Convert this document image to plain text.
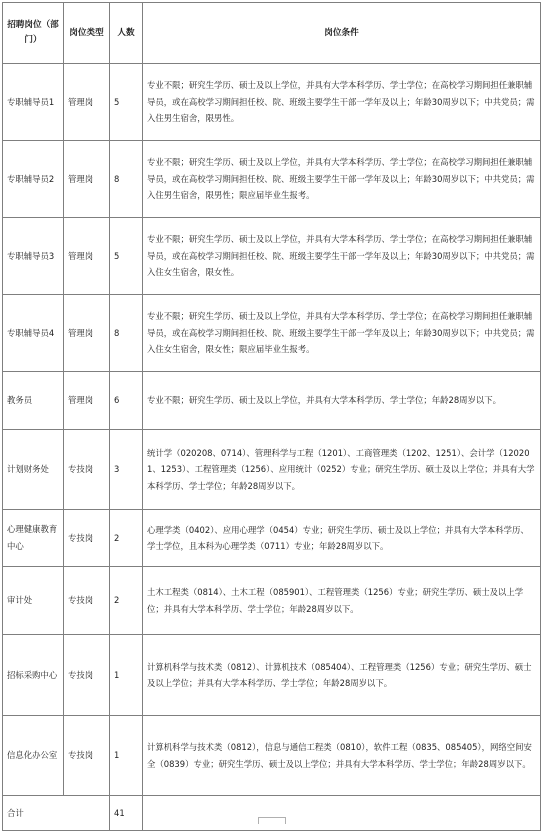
招聘岗位（部门）	岗位类型	人数	岗位条件
专职辅导员1	管理岗	5	专业不限；研究生学历、硕士及以上学位，并具有大学本科学历、学士学位；在高校学习期间担任兼职辅导员，或在高校学习期间担任校、院、班级主要学生干部一学年及以上；年龄30周岁以下；中共党员；需入住男生宿舍，限男性。
专职辅导员2	管理岗	8	专业不限；研究生学历、硕士及以上学位，并具有大学本科学历、学士学位；在高校学习期间担任兼职辅导员，或在高校学习期间担任校、院、班级主要学生干部一学年及以上；年龄30周岁以下；中共党员；需入住男生宿舍，限男性；限应届毕业生报考。
专职辅导员3	管理岗	5	专业不限；研究生学历、硕士及以上学位，并具有大学本科学历、学士学位；在高校学习期间担任兼职辅导员，或在高校学习期间担任校、院、班级主要学生干部一学年及以上；年龄30周岁以下；中共党员；需入住女生宿舍，限女性。
专职辅导员4	管理岗	8	专业不限；研究生学历、硕士及以上学位，并具有大学本科学历、学士学位；在高校学习期间担任兼职辅导员，或在高校学习期间担任校、院、班级主要学生干部一学年及以上；年龄30周岁以下；中共党员；需入住女生宿舍，限女性；限应届毕业生报考。
教务员	管理岗	6	专业不限；研究生学历、硕士及以上学位，并具有大学本科学历、学士学位；年龄28周岁以下。
计划财务处	专技岗	3	统计学（020208、0714）、管理科学与工程（1201）、工商管理类（1202、1251）、会计学（120201、1253）、工程管理类（1256）、应用统计（0252）专业；研究生学历、硕士及以上学位；并具有大学本科学历、学士学位；年龄28周岁以下。
心理健康教育中心	专技岗	2	心理学类（0402）、应用心理学（0454）专业；研究生学历、硕士及以上学位；并具有大学本科学历、学士学位，且本科为心理学类（0711）专业；年龄28周岁以下。
审计处	专技岗	2	土木工程类（0814）、土木工程（085901）、工程管理类（1256）专业；研究生学历、硕士及以上学位；并具有大学本科学历、学士学位；年龄28周岁以下。
招标采购中心	专技岗	1	计算机科学与技术类（0812）、计算机技术（085404）、工程管理类（1256）专业；研究生学历、硕士及以上学位；并具有大学本科学历、学士学位；年龄28周岁以下。
信息化办公室	专技岗	1	计算机科学与技术类（0812），信息与通信工程类（0810），软件工程（0835、085405），网络空间安全（0839）专业；研究生学历、硕士及以上学位；并具有大学本科学历、学士学位；年龄28周岁以下。
合计		41	
